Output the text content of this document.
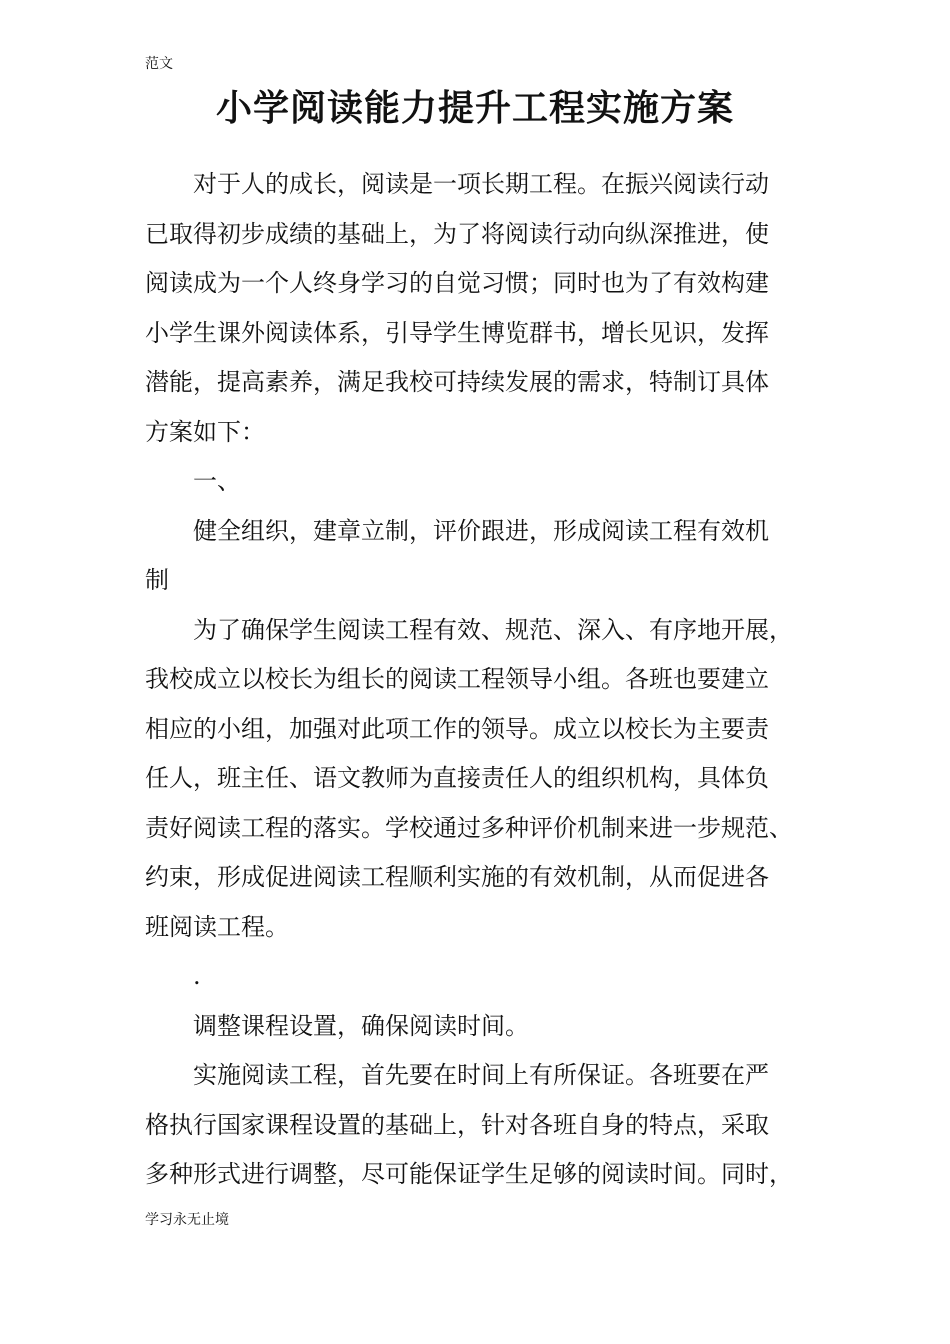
范文
小学阅读能力提升工程实施方案

对于人的成长，阅读是一项长期工程。在振兴阅读行动
已取得初步成绩的基础上，为了将阅读行动向纵深推进，使
阅读成为一个人终身学习的自觉习惯；同时也为了有效构建
小学生课外阅读体系，引导学生博览群书，增长见识，发挥
潜能，提高素养，满足我校可持续发展的需求，特制订具体
方案如下：

一、

健全组织，建章立制，评价跟进，形成阅读工程有效机
制

为了确保学生阅读工程有效、规范、深入、有序地开展，
我校成立以校长为组长的阅读工程领导小组。各班也要建立
相应的小组，加强对此项工作的领导。成立以校长为主要责
任人，班主任、语文教师为直接责任人的组织机构，具体负
责好阅读工程的落实。学校通过多种评价机制来进一步规范、
约束，形成促进阅读工程顺利实施的有效机制，从而促进各
班阅读工程。

.

调整课程设置，确保阅读时间。

实施阅读工程，首先要在时间上有所保证。各班要在严
格执行国家课程设置的基础上，针对各班自身的特点，采取
多种形式进行调整，尽可能保证学生足够的阅读时间。同时，

学习永无止境
